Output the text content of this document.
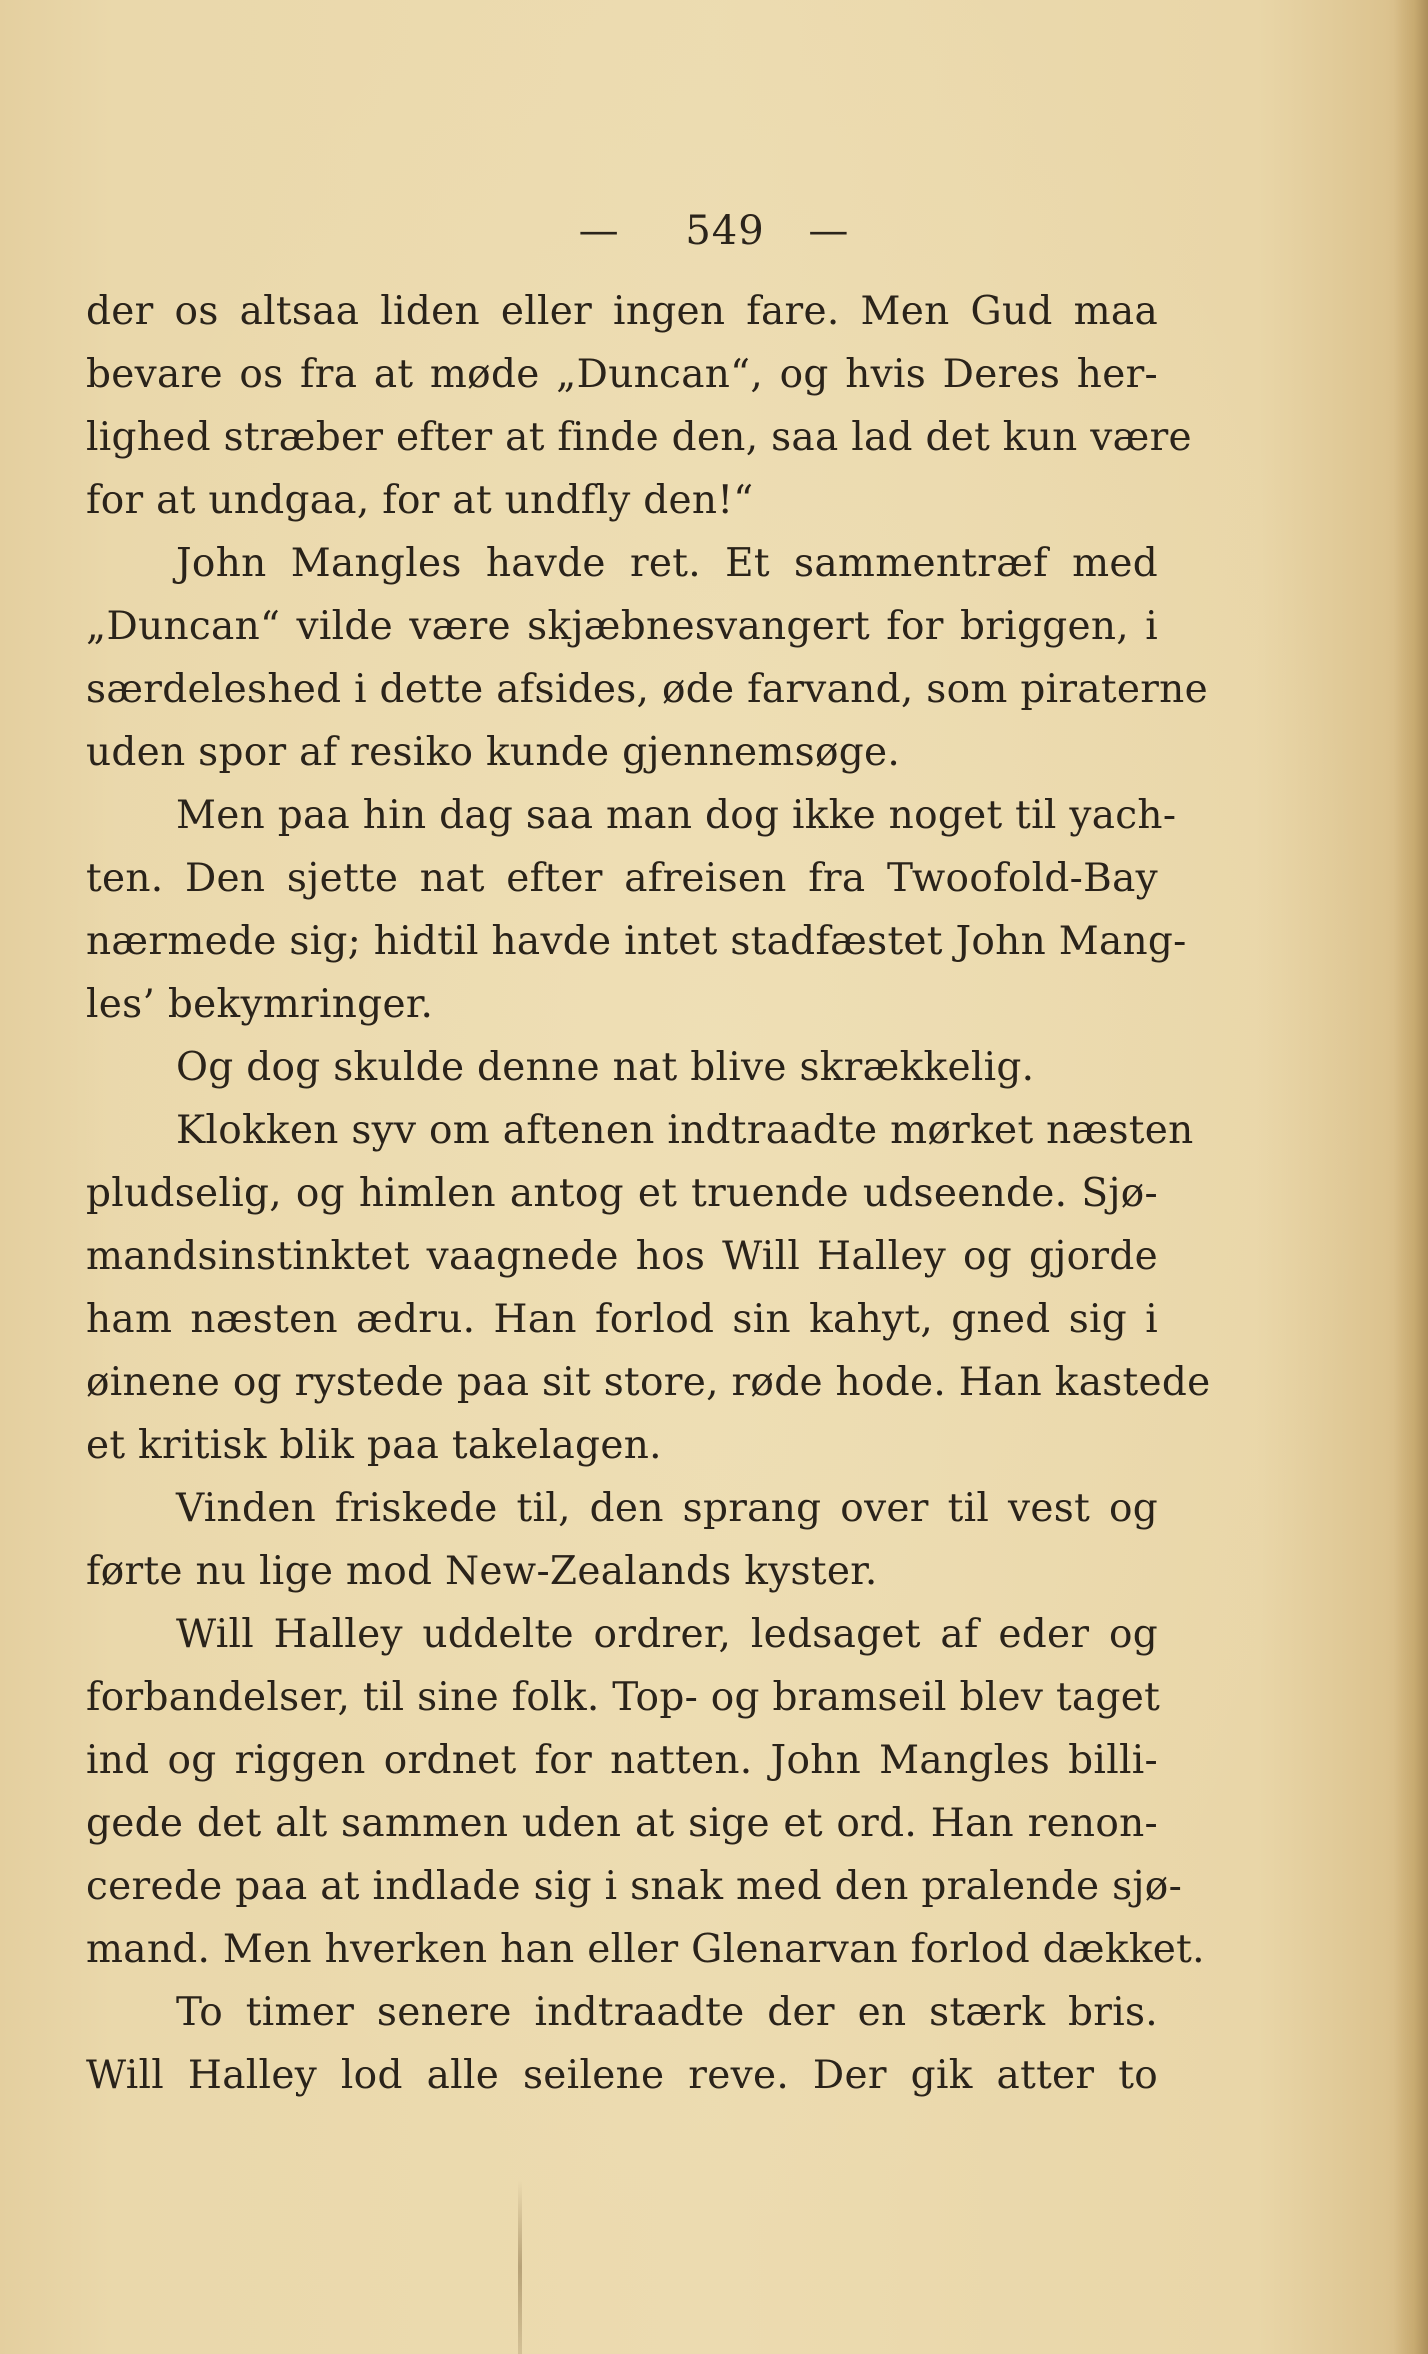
— 549 —
der os altsaa liden eller ingen fare. Men Gud maa
bevare os fra at møde „Duncan“, og hvis Deres her-
lighed stræber efter at finde den, saa lad det kun være
for at undgaa, for at undfly den!“
John Mangles havde ret. Et sammentræf med
„Duncan“ vilde være skjæbnesvangert for briggen, i
særdeleshed i dette afsides, øde farvand, som piraterne
uden spor af resiko kunde gjennemsøge.
Men paa hin dag saa man dog ikke noget til yach-
ten. Den sjette nat efter afreisen fra Twoofold-Bay
nærmede sig; hidtil havde intet stadfæstet John Mang-
les’ bekymringer.
Og dog skulde denne nat blive skrækkelig.
Klokken syv om aftenen indtraadte mørket næsten
pludselig, og himlen antog et truende udseende. Sjø-
mandsinstinktet vaagnede hos Will Halley og gjorde
ham næsten ædru. Han forlod sin kahyt, gned sig i
øinene og rystede paa sit store, røde hode. Han kastede
et kritisk blik paa takelagen.
Vinden friskede til, den sprang over til vest og
førte nu lige mod New-Zealands kyster.
Will Halley uddelte ordrer, ledsaget af eder og
forbandelser, til sine folk. Top- og bramseil blev taget
ind og riggen ordnet for natten. John Mangles billi-
gede det alt sammen uden at sige et ord. Han renon-
cerede paa at indlade sig i snak med den pralende sjø-
mand. Men hverken han eller Glenarvan forlod dækket.
To timer senere indtraadte der en stærk bris.
Will Halley lod alle seilene reve. Der gik atter to
